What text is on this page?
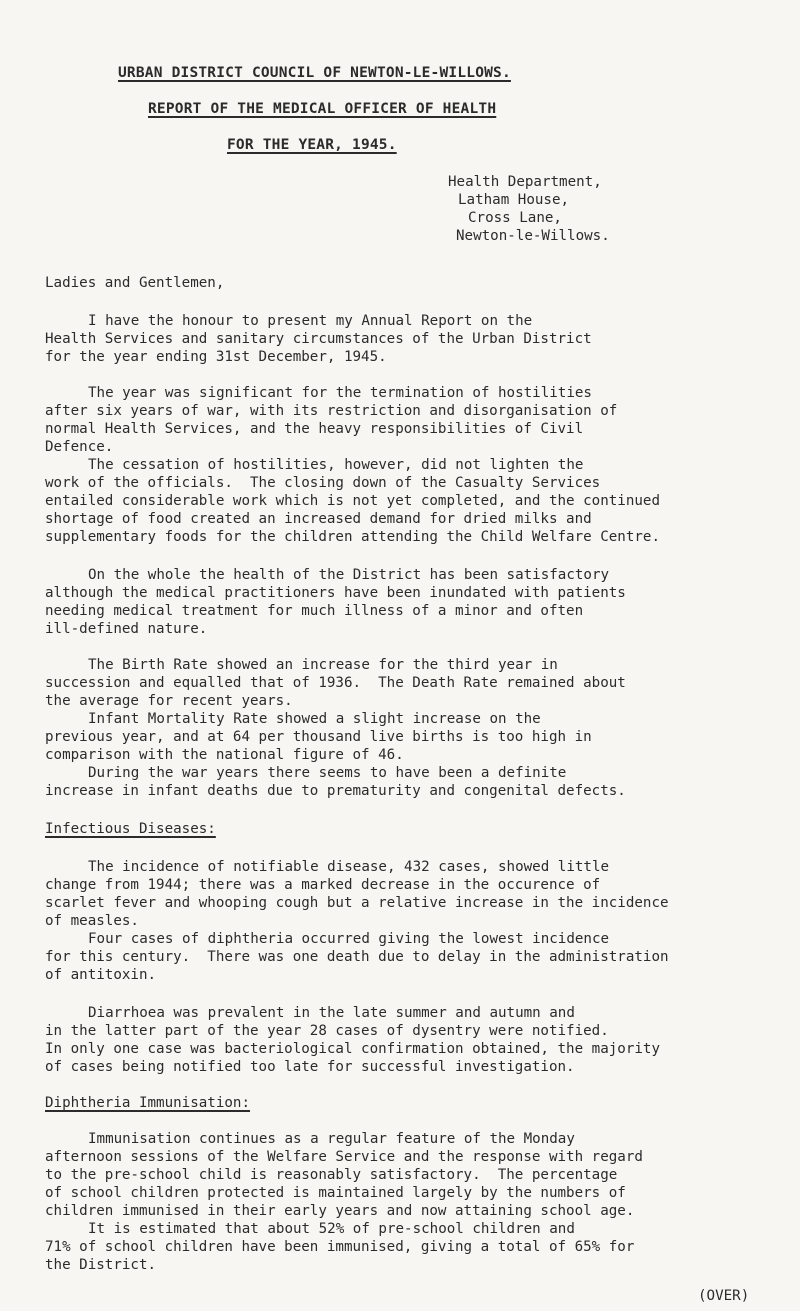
URBAN DISTRICT COUNCIL OF NEWTON-LE-WILLOWS.
REPORT OF THE MEDICAL OFFICER OF HEALTH
FOR THE YEAR, 1945.
Health Department,
Latham House,
Cross Lane,
Newton-le-Willows.
Ladies and Gentlemen,
I have the honour to present my Annual Report on the
Health Services and sanitary circumstances of the Urban District
for the year ending 31st December, 1945.
The year was significant for the termination of hostilities
after six years of war, with its restriction and disorganisation of
normal Health Services, and the heavy responsibilities of Civil
Defence.
The cessation of hostilities, however, did not lighten the
work of the officials.  The closing down of the Casualty Services
entailed considerable work which is not yet completed, and the continued
shortage of food created an increased demand for dried milks and
supplementary foods for the children attending the Child Welfare Centre.
On the whole the health of the District has been satisfactory
although the medical practitioners have been inundated with patients
needing medical treatment for much illness of a minor and often
ill-defined nature.
The Birth Rate showed an increase for the third year in
succession and equalled that of 1936.  The Death Rate remained about
the average for recent years.
Infant Mortality Rate showed a slight increase on the
previous year, and at 64 per thousand live births is too high in
comparison with the national figure of 46.
During the war years there seems to have been a definite
increase in infant deaths due to prematurity and congenital defects.
Infectious Diseases:
The incidence of notifiable disease, 432 cases, showed little
change from 1944; there was a marked decrease in the occurence of
scarlet fever and whooping cough but a relative increase in the incidence
of measles.
Four cases of diphtheria occurred giving the lowest incidence
for this century.  There was one death due to delay in the administration
of antitoxin.
Diarrhoea was prevalent in the late summer and autumn and
in the latter part of the year 28 cases of dysentry were notified.
In only one case was bacteriological confirmation obtained, the majority
of cases being notified too late for successful investigation.
Diphtheria Immunisation:
Immunisation continues as a regular feature of the Monday
afternoon sessions of the Welfare Service and the response with regard
to the pre-school child is reasonably satisfactory.  The percentage
of school children protected is maintained largely by the numbers of
children immunised in their early years and now attaining school age.
It is estimated that about 52% of pre-school children and
71% of school children have been immunised, giving a total of 65% for
the District.
(OVER)
